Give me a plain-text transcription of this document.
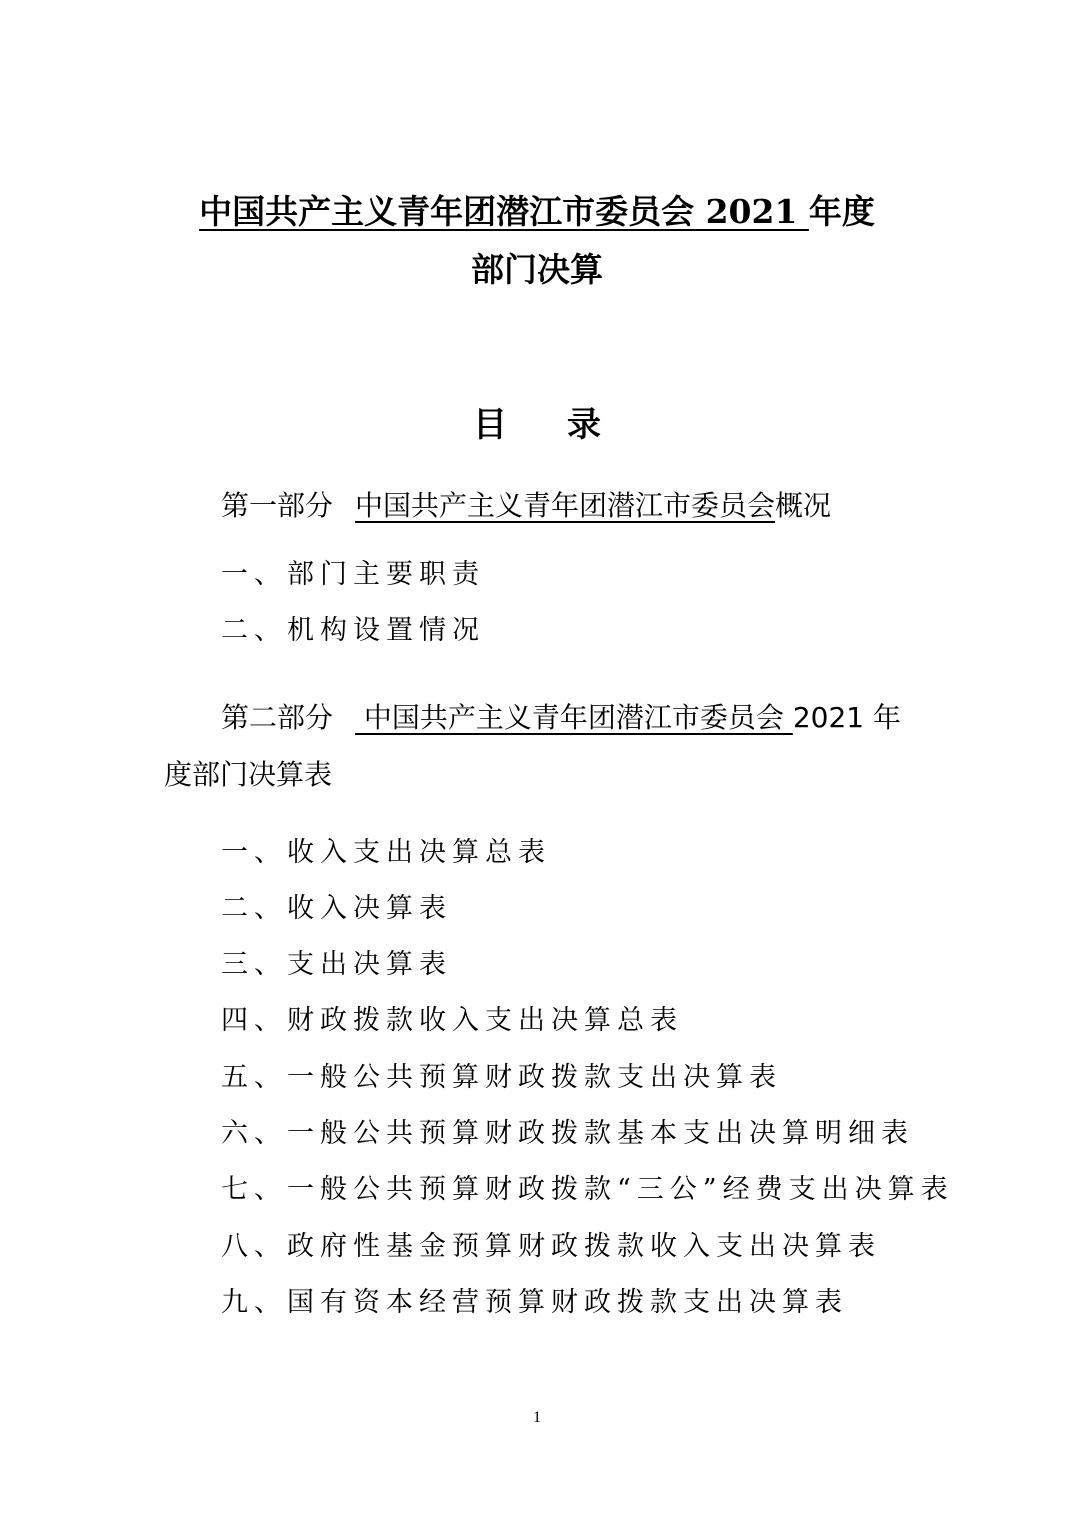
中国共产主义青年团潜江市委员会 2021 年度
部门决算
目录
第一部分 中国共产主义青年团潜江市委员会概况
一、部门主要职责
二、机构设置情况
第二部分 中国共产主义青年团潜江市委员会 2021 年
度部门决算表
一、收入支出决算总表
二、收入决算表
三、支出决算表
四、财政拨款收入支出决算总表
五、一般公共预算财政拨款支出决算表
六、一般公共预算财政拨款基本支出决算明细表
七、一般公共预算财政拨款“三公”经费支出决算表
八、政府性基金预算财政拨款收入支出决算表
九、国有资本经营预算财政拨款支出决算表
1
